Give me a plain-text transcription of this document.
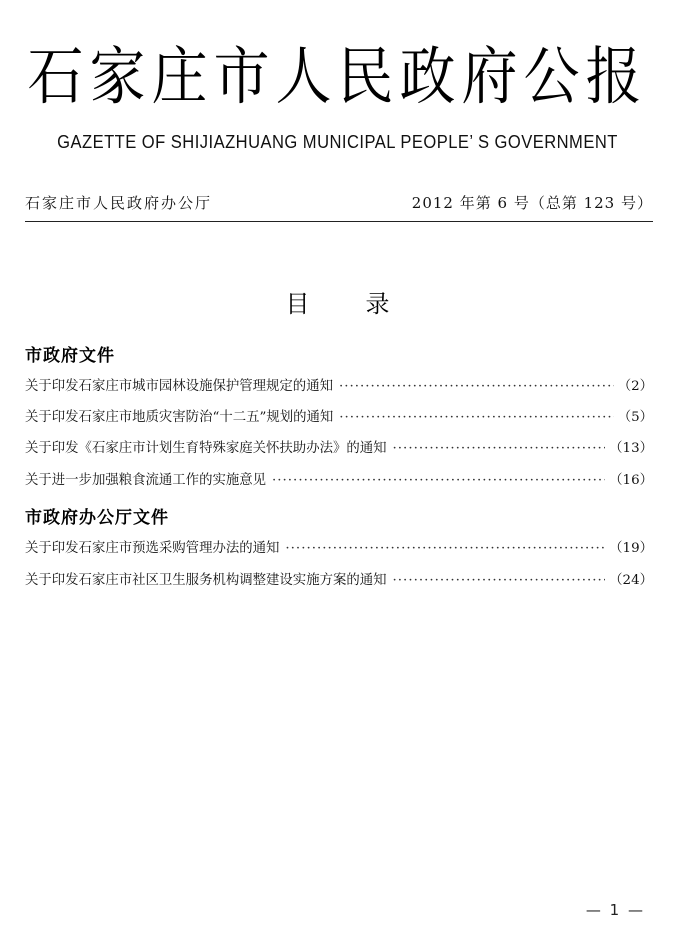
石家庄市人民政府公报
GAZETTE OF SHIJIAZHUANG MUNICIPAL PEOPLE’ S GOVERNMENT
石家庄市人民政府办公厅	2012 年第 6 号（总第 123 号）
目录
市政府文件
关于印发石家庄市城市园林设施保护管理规定的通知 ·····	（2）
关于印发石家庄市地质灾害防治“十二五”规划的通知 ·····	（5）
关于印发《石家庄市计划生育特殊家庭关怀扶助办法》的通知 ·····	（13）
关于进一步加强粮食流通工作的实施意见 ·····	（16）
市政府办公厅文件
关于印发石家庄市预选采购管理办法的通知 ·····	（19）
关于印发石家庄市社区卫生服务机构调整建设实施方案的通知 ·····	（24）
— 1 —
